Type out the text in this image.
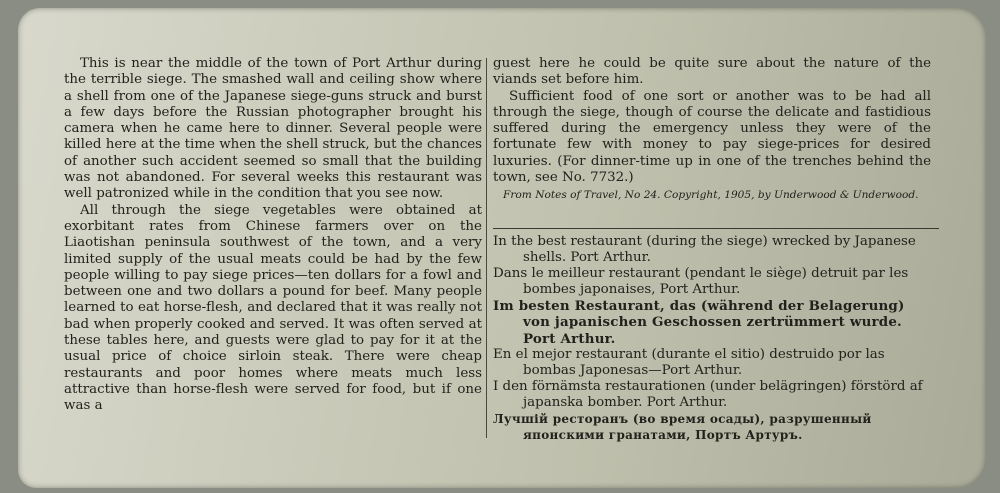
This is near the middle of the town of Port Arthur during the terrible siege. The smashed wall and ceiling show where a shell from one of the Japanese siege-guns struck and burst a few days before the Russian photographer brought his camera when he came here to dinner. Several people were killed here at the time when the shell struck, but the chances of another such accident seemed so small that the building was not abandoned. For several weeks this restaurant was well patronized while in the condition that you see now.

All through the siege vegetables were obtained at exorbitant rates from Chinese farmers over on the Liaotishan peninsula southwest of the town, and a very limited supply of the usual meats could be had by the few people willing to pay siege prices—ten dollars for a fowl and between one and two dollars a pound for beef. Many people learned to eat horse-flesh, and declared that it was really not bad when properly cooked and served. It was often served at these tables here, and guests were glad to pay for it at the usual price of choice sirloin steak. There were cheap restaurants and poor homes where meats much less attractive than horse-flesh were served for food, but if one was a

guest here he could be quite sure about the nature of the viands set before him.

Sufficient food of one sort or another was to be had all through the siege, though of course the delicate and fastidious suffered during the emergency unless they were of the fortunate few with money to pay siege-prices for desired luxuries. (For dinner-time up in one of the trenches behind the town, see No. 7732.)

From Notes of Travel, No 24. Copyright, 1905, by Underwood & Underwood.

In the best restaurant (during the siege) wrecked by Japanese shells. Port Arthur.

Dans le meilleur restaurant (pendant le siège) detruit par les bombes japonaises, Port Arthur.

Im besten Restaurant, das (während der Belagerung) von japanischen Geschossen zertrümmert wurde. Port Arthur.

En el mejor restaurant (durante el sitio) destruido por las bombas Japonesas—Port Arthur.

I den förnämsta restaurationen (under belägringen) förstörd af japanska bomber. Port Arthur.

Лучшій ресторанъ (во время осады), разрушенный японскими гранатами, Портъ Артуръ.
